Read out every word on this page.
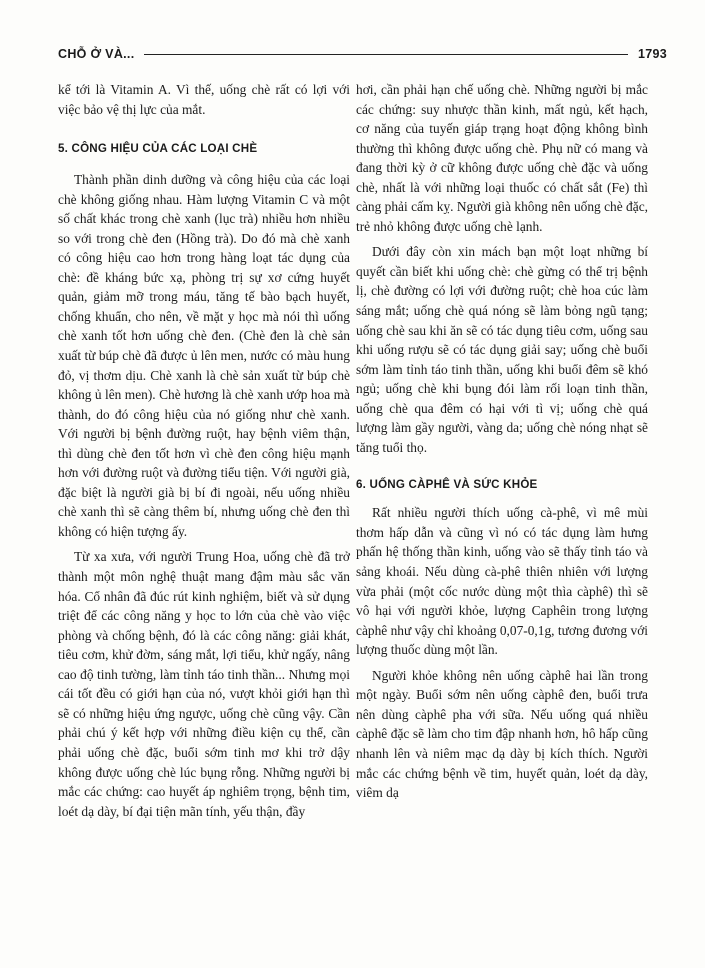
CHỖ Ở VÀ...	1793

kể tới là Vitamin A. Vì thế, uống chè rất có lợi với việc bảo vệ thị lực của mắt.

5. CÔNG HIỆU CỦA CÁC LOẠI CHÈ

Thành phần dinh dưỡng và công hiệu của các loại chè không giống nhau. Hàm lượng Vitamin C và một số chất khác trong chè xanh (lục trà) nhiều hơn nhiều so với trong chè đen (Hồng trà). Do đó mà chè xanh có công hiệu cao hơn trong hàng loạt tác dụng của chè: đề kháng bức xạ, phòng trị sự xơ cứng huyết quản, giảm mỡ trong máu, tăng tế bào bạch huyết, chống khuẩn, cho nên, về mặt y học mà nói thì uống chè xanh tốt hơn uống chè đen. (Chè đen là chè sản xuất từ búp chè đã được ủ lên men, nước có màu hung đỏ, vị thơm dịu. Chè xanh là chè sản xuất từ búp chè không ủ lên men). Chè hương là chè xanh ướp hoa mà thành, do đó công hiệu của nó giống như chè xanh. Với người bị bệnh đường ruột, hay bệnh viêm thận, thì dùng chè đen tốt hơn vì chè đen công hiệu mạnh hơn với đường ruột và đường tiểu tiện. Với người già, đặc biệt là người già bị bí đi ngoài, nếu uống nhiều chè xanh thì sẽ càng thêm bí, nhưng uống chè đen thì không có hiện tượng ấy.

Từ xa xưa, với người Trung Hoa, uống chè đã trở thành một môn nghệ thuật mang đậm màu sắc văn hóa. Cổ nhân đã đúc rút kinh nghiệm, biết và sử dụng triệt để các công năng y học to lớn của chè vào việc phòng và chống bệnh, đó là các công năng: giải khát, tiêu cơm, khử đờm, sáng mắt, lợi tiểu, khử ngấy, nâng cao độ tinh tường, làm tỉnh táo tinh thần... Nhưng mọi cái tốt đều có giới hạn của nó, vượt khỏi giới hạn thì sẽ có những hiệu ứng ngược, uống chè cũng vậy. Cần phải chú ý kết hợp với những điều kiện cụ thể, cần phải uống chè đặc, buổi sớm tinh mơ khi trở dậy không được uống chè lúc bụng rỗng. Những người bị mắc các chứng: cao huyết áp nghiêm trọng, bệnh tim, loét dạ dày, bí đại tiện mãn tính, yếu thận, đầy

hơi, cần phải hạn chế uống chè. Những người bị mắc các chứng: suy nhược thần kinh, mất ngủ, kết hạch, cơ năng của tuyến giáp trạng hoạt động không bình thường thì không được uống chè. Phụ nữ có mang và đang thời kỳ ở cữ không được uống chè đặc và uống chè, nhất là với những loại thuốc có chất sắt (Fe) thì càng phải cấm kỵ. Người già không nên uống chè đặc, trẻ nhỏ không được uống chè lạnh.

Dưới đây còn xin mách bạn một loạt những bí quyết cần biết khi uống chè: chè gừng có thể trị bệnh lị, chè đường có lợi với đường ruột; chè hoa cúc làm sáng mắt; uống chè quá nóng sẽ làm bỏng ngũ tạng; uống chè sau khi ăn sẽ có tác dụng tiêu cơm, uống sau khi uống rượu sẽ có tác dụng giải say; uống chè buổi sớm làm tỉnh táo tinh thần, uống khi buổi đêm sẽ khó ngủ; uống chè khi bụng đói làm rối loạn tinh thần, uống chè qua đêm có hại với tì vị; uống chè quá lượng làm gầy người, vàng da; uống chè nóng nhạt sẽ tăng tuổi thọ.

6. UỐNG CÀPHÊ VÀ SỨC KHỎE

Rất nhiều người thích uống cà-phê, vì mê mùi thơm hấp dẫn và cũng vì nó có tác dụng làm hưng phấn hệ thống thần kinh, uống vào sẽ thấy tỉnh táo và sảng khoái. Nếu dùng cà-phê thiên nhiên với lượng vừa phải (một cốc nước dùng một thìa càphê) thì sẽ vô hại với người khỏe, lượng Caphêin trong lượng càphê như vậy chỉ khoảng 0,07-0,1g, tương đương với lượng thuốc dùng một lần.

Người khỏe không nên uống càphê hai lần trong một ngày. Buổi sớm nên uống càphê đen, buổi trưa nên dùng càphê pha với sữa. Nếu uống quá nhiều càphê đặc sẽ làm cho tim đập nhanh hơn, hô hấp cũng nhanh lên và niêm mạc dạ dày bị kích thích. Người mắc các chứng bệnh về tim, huyết quản, loét dạ dày, viêm dạ
